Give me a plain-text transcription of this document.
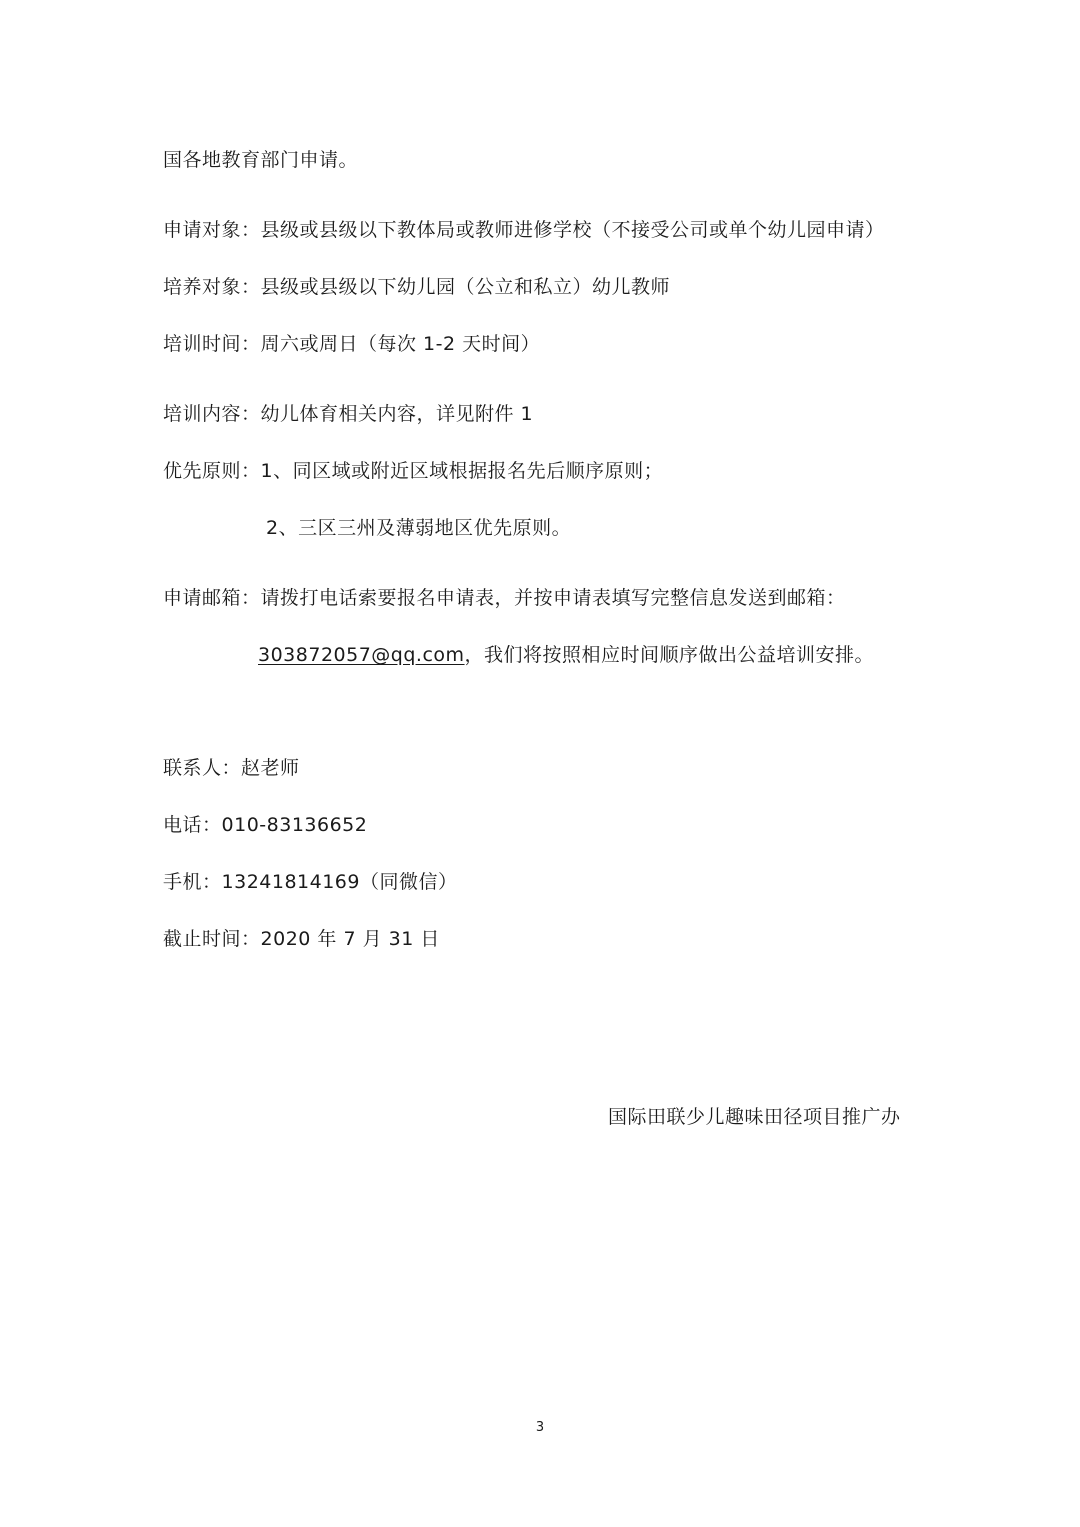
国各地教育部门申请。
申请对象：县级或县级以下教体局或教师进修学校（不接受公司或单个幼儿园申请）
培养对象：县级或县级以下幼儿园（公立和私立）幼儿教师
培训时间：周六或周日（每次 1-2 天时间）
培训内容：幼儿体育相关内容，详见附件 1
优先原则：1、同区域或附近区域根据报名先后顺序原则；
2、三区三州及薄弱地区优先原则。
申请邮箱：请拨打电话索要报名申请表，并按申请表填写完整信息发送到邮箱：
303872057@qq.com，我们将按照相应时间顺序做出公益培训安排。
联系人：赵老师
电话：010-83136652
手机：13241814169（同微信）
截止时间：2020 年 7 月 31 日
国际田联少儿趣味田径项目推广办
3
